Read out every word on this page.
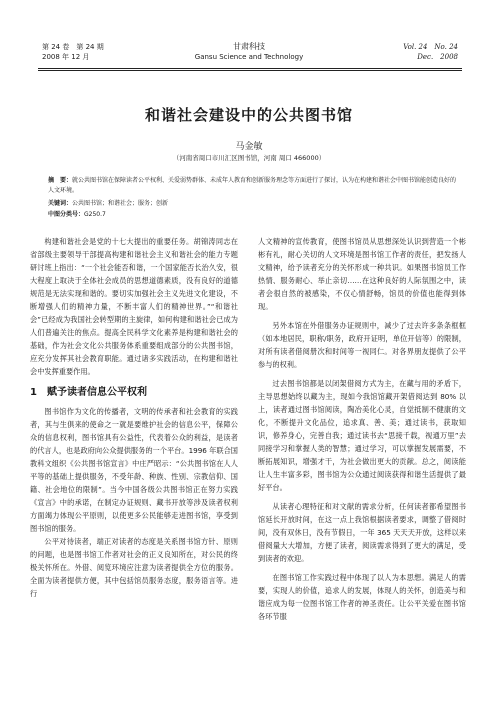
第 24 卷　第 24 期
2008 年 12 月
甘肃科技
Gansu Science and Technology
Vol. 24　No. 24
Dec.　2008
和谐社会建设中的公共图书馆
马金敏
（河南省周口市川汇区图书馆，河南 周口 466000）
摘　要：就公共图书馆在保障读者公平权利、关爱弱势群体、未成年人教育和创新服务理念等方面进行了探讨，认为在构建和谐社会中图书馆能创造良好的人文环境。
关键词：公共图书馆；和谐社会；服务；创新
中图分类号：G250.7

构建和谐社会是党的十七大提出的重要任务。胡锦涛同志在省部级主要领导干部提高构建和谐社会主义和谐社会的能力专题研讨班上指出：“一个社会能否和谐，一个国家能否长治久安，很大程度上取决于全体社会成员的思想道德素质，没有良好的道德规范是无法实现和谐的。要切实加强社会主义先进文化建设，不断增强人们的精神力量，不断丰富人们的精神世界。”“和谐社会”已经成为我国社会转型期的主旋律，如何构建和谐社会已成为人们普遍关注的焦点。提高全民科学文化素养是构建和谐社会的基础，作为社会文化公共服务体系重要组成部分的公共图书馆，应充分发挥其社会教育职能。通过诸多实践活动，在构建和谐社会中发挥重要作用。

1　赋予读者信息公平权利

图书馆作为文化的传播者，文明的传承者和社会教育的实践者，其与生俱来的使命之一就是要维护社会的信息公平，保障公众的信息权利，图书馆具有公益性，代表着公众的利益，是读者的代言人，也是政府向公众提供服务的一个平台。1996 年联合国教科文组织《公共图书馆宣言》中庄严昭示：“公共图书馆在人人平等的基础上提供服务，不受年龄、种族、性别、宗教信仰、国籍、社会地位的限制”。当今中国各级公共图书馆正在努力实践《宣言》中的承诺，在制定办证规则、藏书开放等涉及读者权利方面竭力体现公平原则，以使更多公民能够走进图书馆，享受到图书馆的服务。

公平对待读者，端正对读者的态度是关系图书馆方针、原则的问题，也是图书馆工作者对社会的正义良知所在，对公民的终极关怀所在。外借、阅览环境应注意为读者提供全方位的服务。全面为读者提供方便，其中包括馆员服务态度，服务语言等。进行

人文精神的宣传教育，使图书馆员从思想深处认识到营造一个彬彬有礼，耐心关切的人文环境是图书馆工作者的责任，把发扬人文精神，给予读者充分的关怀形成一种共识。如果图书馆员工作热情、服务耐心、举止亲切……在这种良好的人际氛围之中，读者会很自然的被感染，不仅心情舒畅，馆员的价值也能得到体现。

另外本馆在外借服务办证规则中，减少了过去许多条条框框（如本地居民，职称/职务，政府开证明，单位开信等）的限制，对所有读者借阅册次和时间等一视同仁。对各界朋友提供了公平参与的权利。

过去图书馆都是以闭架借阅方式为主，在藏与用的矛盾下，主导思想始终以藏为主，现如今我馆馆藏开架借阅达到 80% 以上，读者通过图书馆阅读，陶冶美化心灵，自觉抵制不健康的文化，不断提升文化品位，追求真、善、美；通过读书，获取知识，修养身心，完善自我；通过读书去“思接千载，视通万里”去同接学习和掌握人类的智慧；通过学习，可以掌握发展需要，不断拓展知识，增强才干，为社会做出更大的贡献。总之，阅读能让人生丰富多彩，图书馆为公众通过阅读获得和谐生活提供了最好平台。

从读者心理特征和对文献的需求分析，任何读者都希望图书馆延长开放时间，在这一点上我馆根据读者要求，调整了借阅时间，没有双休日，没有节假日，一年 365 天天天开放，这样以来借阅量大大增加，方便了读者，阅读需求得到了更大的满足，受到读者的欢迎。

在图书馆工作实践过程中体现了以人为本思想。满足人的需要，实现人的价值，追求人的发展，体现人的关怀，创造美与和谐应成为每一位图书馆工作者的神圣责任。让公平关爱在图书馆各环节服
